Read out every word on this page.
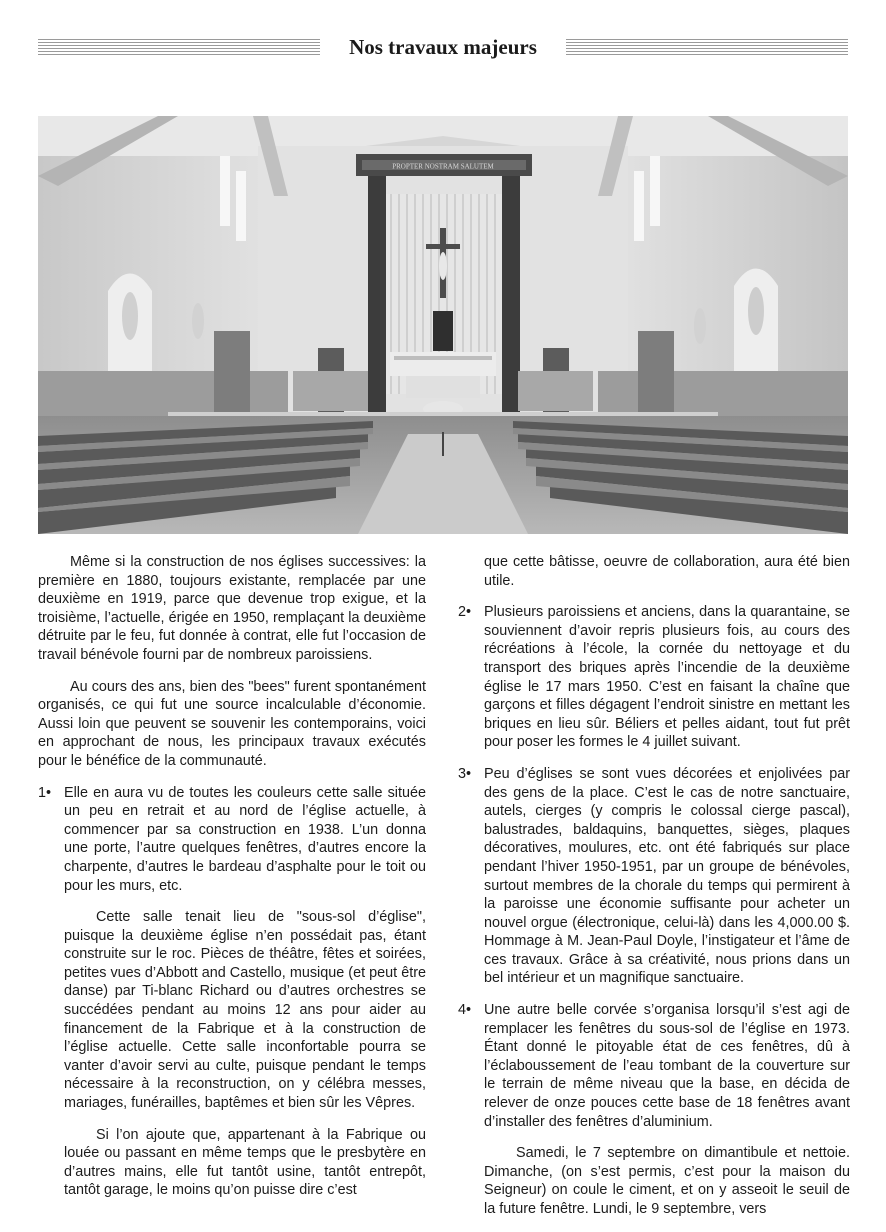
Nos travaux majeurs
PROPTER NOSTRAM SALUTEM

Même si la construction de nos églises successives: la première en 1880, toujours existante, remplacée par une deuxième en 1919, parce que devenue trop exigue, et la troisième, l’actuelle, érigée en 1950, remplaçant la deuxième détruite par le feu, fut donnée à contrat, elle fut l’occasion de travail bénévole fourni par de nombreux paroissiens.

Au cours des ans, bien des "bees" furent spontanément organisés, ce qui fut une source incalculable d’économie. Aussi loin que peuvent se souvenir les contemporains, voici en approchant de nous, les principaux travaux exécutés pour le bénéfice de la communauté.

1• Elle en aura vu de toutes les couleurs cette salle située un peu en retrait et au nord de l’église actuelle, à commencer par sa construction en 1938. L’un donna une porte, l’autre quelques fenêtres, d’autres encore la charpente, d’autres le bardeau d’asphalte pour le toit ou pour les murs, etc.

Cette salle tenait lieu de "sous-sol d’église", puisque la deuxième église n’en possédait pas, étant construite sur le roc. Pièces de théâtre, fêtes et soirées, petites vues d’Abbott and Castello, musique (et peut être danse) par Ti-blanc Richard ou d’autres orchestres se succédées pendant au moins 12 ans pour aider au financement de la Fabrique et à la construction de l’église actuelle. Cette salle inconfortable pourra se vanter d’avoir servi au culte, puisque pendant le temps nécessaire à la reconstruction, on y célébra messes, mariages, funérailles, baptêmes et bien sûr les Vêpres.

Si l’on ajoute que, appartenant à la Fabrique ou louée ou passant en même temps que le presbytère en d’autres mains, elle fut tantôt usine, tantôt entrepôt, tantôt garage, le moins qu’on puisse dire c’est

que cette bâtisse, oeuvre de collaboration, aura été bien utile.

2• Plusieurs paroissiens et anciens, dans la quarantaine, se souviennent d’avoir repris plusieurs fois, au cours des récréations à l’école, la cornée du nettoyage et du transport des briques après l’incendie de la deuxième église le 17 mars 1950. C’est en faisant la chaîne que garçons et filles dégagent l’endroit sinistre en mettant les briques en lieu sûr. Béliers et pelles aidant, tout fut prêt pour poser les formes le 4 juillet suivant.

3• Peu d’églises se sont vues décorées et enjolivées par des gens de la place. C’est le cas de notre sanctuaire, autels, cierges (y compris le colossal cierge pascal), balustrades, baldaquins, banquettes, sièges, plaques décoratives, moulures, etc. ont été fabriqués sur place pendant l’hiver 1950-1951, par un groupe de bénévoles, surtout membres de la chorale du temps qui permirent à la paroisse une économie suffisante pour acheter un nouvel orgue (électronique, celui-là) dans les 4,000.00 $. Hommage à M. Jean-Paul Doyle, l’instigateur et l’âme de ces travaux. Grâce à sa créativité, nous prions dans un bel intérieur et un magnifique sanctuaire.

4• Une autre belle corvée s’organisa lorsqu’il s’est agi de remplacer les fenêtres du sous-sol de l’église en 1973. Étant donné le pitoyable état de ces fenêtres, dû à l’éclaboussement de l’eau tombant de la couverture sur le terrain de même niveau que la base, en décida de relever de onze pouces cette base de 18 fenêtres avant d’installer des fenêtres d’aluminium.

Samedi, le 7 septembre on dimantibule et nettoie. Dimanche, (on s’est permis, c’est pour la maison du Seigneur) on coule le ciment, et on y asseoit le seuil de la future fenêtre. Lundi, le 9 septembre, vers
